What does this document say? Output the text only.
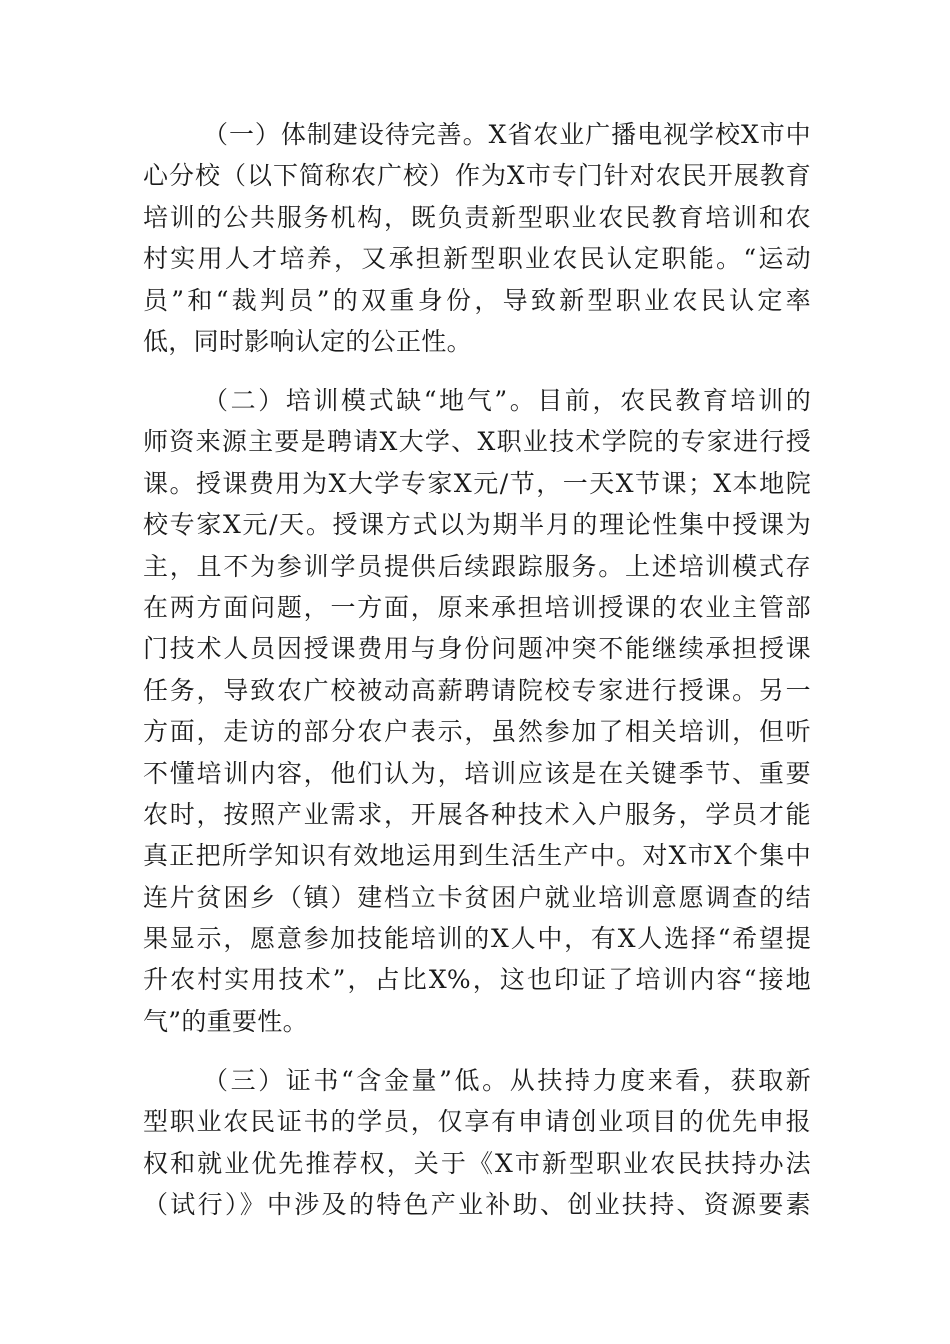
（一）体制建设待完善。X省农业广播电视学校X市中
心分校（以下简称农广校）作为X市专门针对农民开展教育
培训的公共服务机构，既负责新型职业农民教育培训和农
村实用人才培养，又承担新型职业农民认定职能。“运动
员”和“裁判员”的双重身份，导致新型职业农民认定率
低，同时影响认定的公正性。
（二）培训模式缺“地气”。目前，农民教育培训的
师资来源主要是聘请X大学、X职业技术学院的专家进行授
课。授课费用为X大学专家X元/节，一天X节课；X本地院
校专家X元/天。授课方式以为期半月的理论性集中授课为
主，且不为参训学员提供后续跟踪服务。上述培训模式存
在两方面问题，一方面，原来承担培训授课的农业主管部
门技术人员因授课费用与身份问题冲突不能继续承担授课
任务，导致农广校被动高薪聘请院校专家进行授课。另一
方面，走访的部分农户表示，虽然参加了相关培训，但听
不懂培训内容，他们认为，培训应该是在关键季节、重要
农时，按照产业需求，开展各种技术入户服务，学员才能
真正把所学知识有效地运用到生活生产中。对X市X个集中
连片贫困乡（镇）建档立卡贫困户就业培训意愿调查的结
果显示，愿意参加技能培训的X人中，有X人选择“希望提
升农村实用技术”，占比X%，这也印证了培训内容“接地
气”的重要性。
（三）证书“含金量”低。从扶持力度来看，获取新
型职业农民证书的学员，仅享有申请创业项目的优先申报
权和就业优先推荐权，关于《X市新型职业农民扶持办法
（试行）》中涉及的特色产业补助、创业扶持、资源要素
